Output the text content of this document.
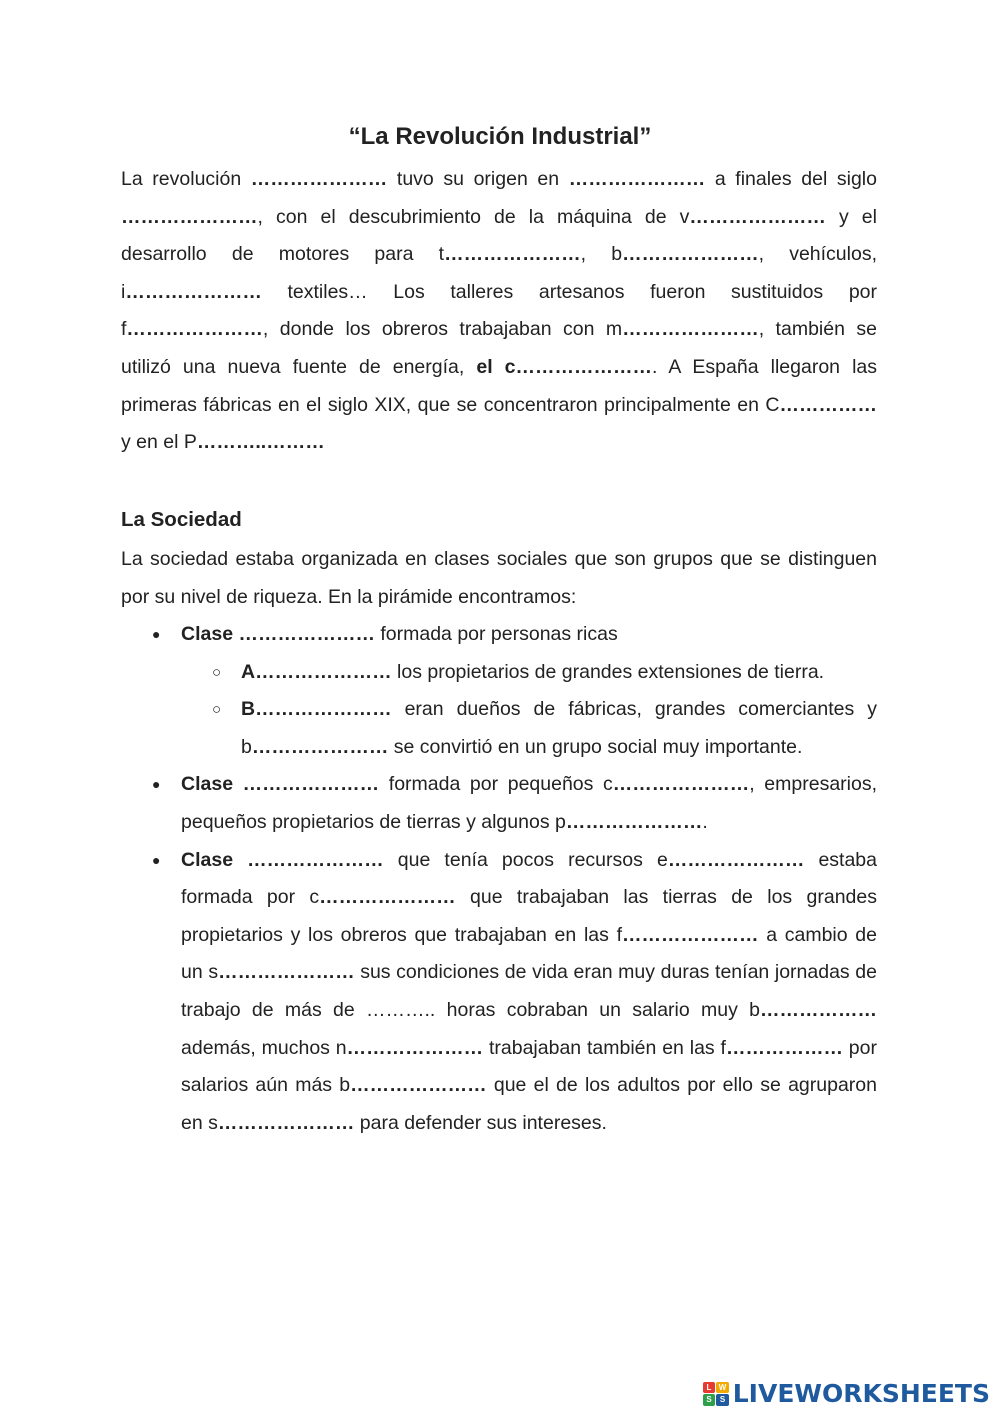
“La Revolución Industrial”

La revolución ………………… tuvo su origen en ………………… a finales del siglo …………………, con el descubrimiento de la máquina de v………………… y el desarrollo de motores para t…………………, b…………………, vehículos, i………………… textiles… Los talleres artesanos fueron sustituidos por f…………………, donde los obreros trabajaban con m…………………, también se utilizó una nueva fuente de energía, el c…………………. A España llegaron las primeras fábricas en el siglo XIX, que se concentraron principalmente en C…………… y en el P………..………

La Sociedad

La sociedad estaba organizada en clases sociales que son grupos que se distinguen por su nivel de riqueza. En la pirámide encontramos:

● Clase ………………… formada por personas ricas
○ A………………… los propietarios de grandes extensiones de tierra.
○ B………………… eran dueños de fábricas, grandes comerciantes y b………………… se convirtió en un grupo social muy importante.
● Clase ………………… formada por pequeños c…………………, empresarios, pequeños propietarios de tierras y algunos p………………….
● Clase ………………… que tenía pocos recursos e………………… estaba formada por c………………… que trabajaban las tierras de los grandes propietarios y los obreros que trabajaban en las f………………… a cambio de un s………………… sus condiciones de vida eran muy duras tenían jornadas de trabajo de más de ……….. horas cobraban un salario muy b……………… además, muchos n………………… trabajaban también en las f……………… por salarios aún más b………………… que el de los adultos por ello se agruparon en s………………… para defender sus intereses.
L W
S	S LIVEWORKSHEETS
